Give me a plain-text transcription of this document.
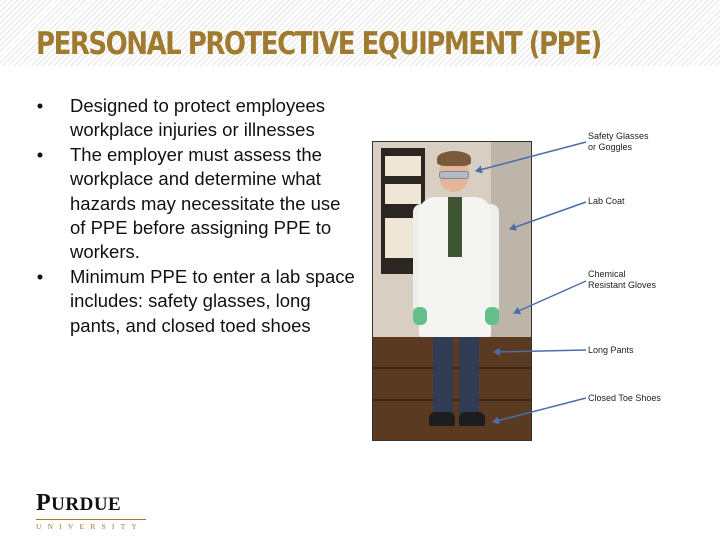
PERSONAL PROTECTIVE EQUIPMENT (PPE)
•	Designed to protect employees workplace injuries or illnesses
•	The employer must assess the workplace and determine what hazards may necessitate the use of PPE before assigning PPE to workers.
•	Minimum PPE to enter a lab space includes: safety glasses, long pants, and closed toed shoes
Safety Glasses
or Goggles
Lab Coat
Chemical
Resistant Gloves
Long Pants
Closed Toe Shoes
PURDUE
UNIVERSITY
